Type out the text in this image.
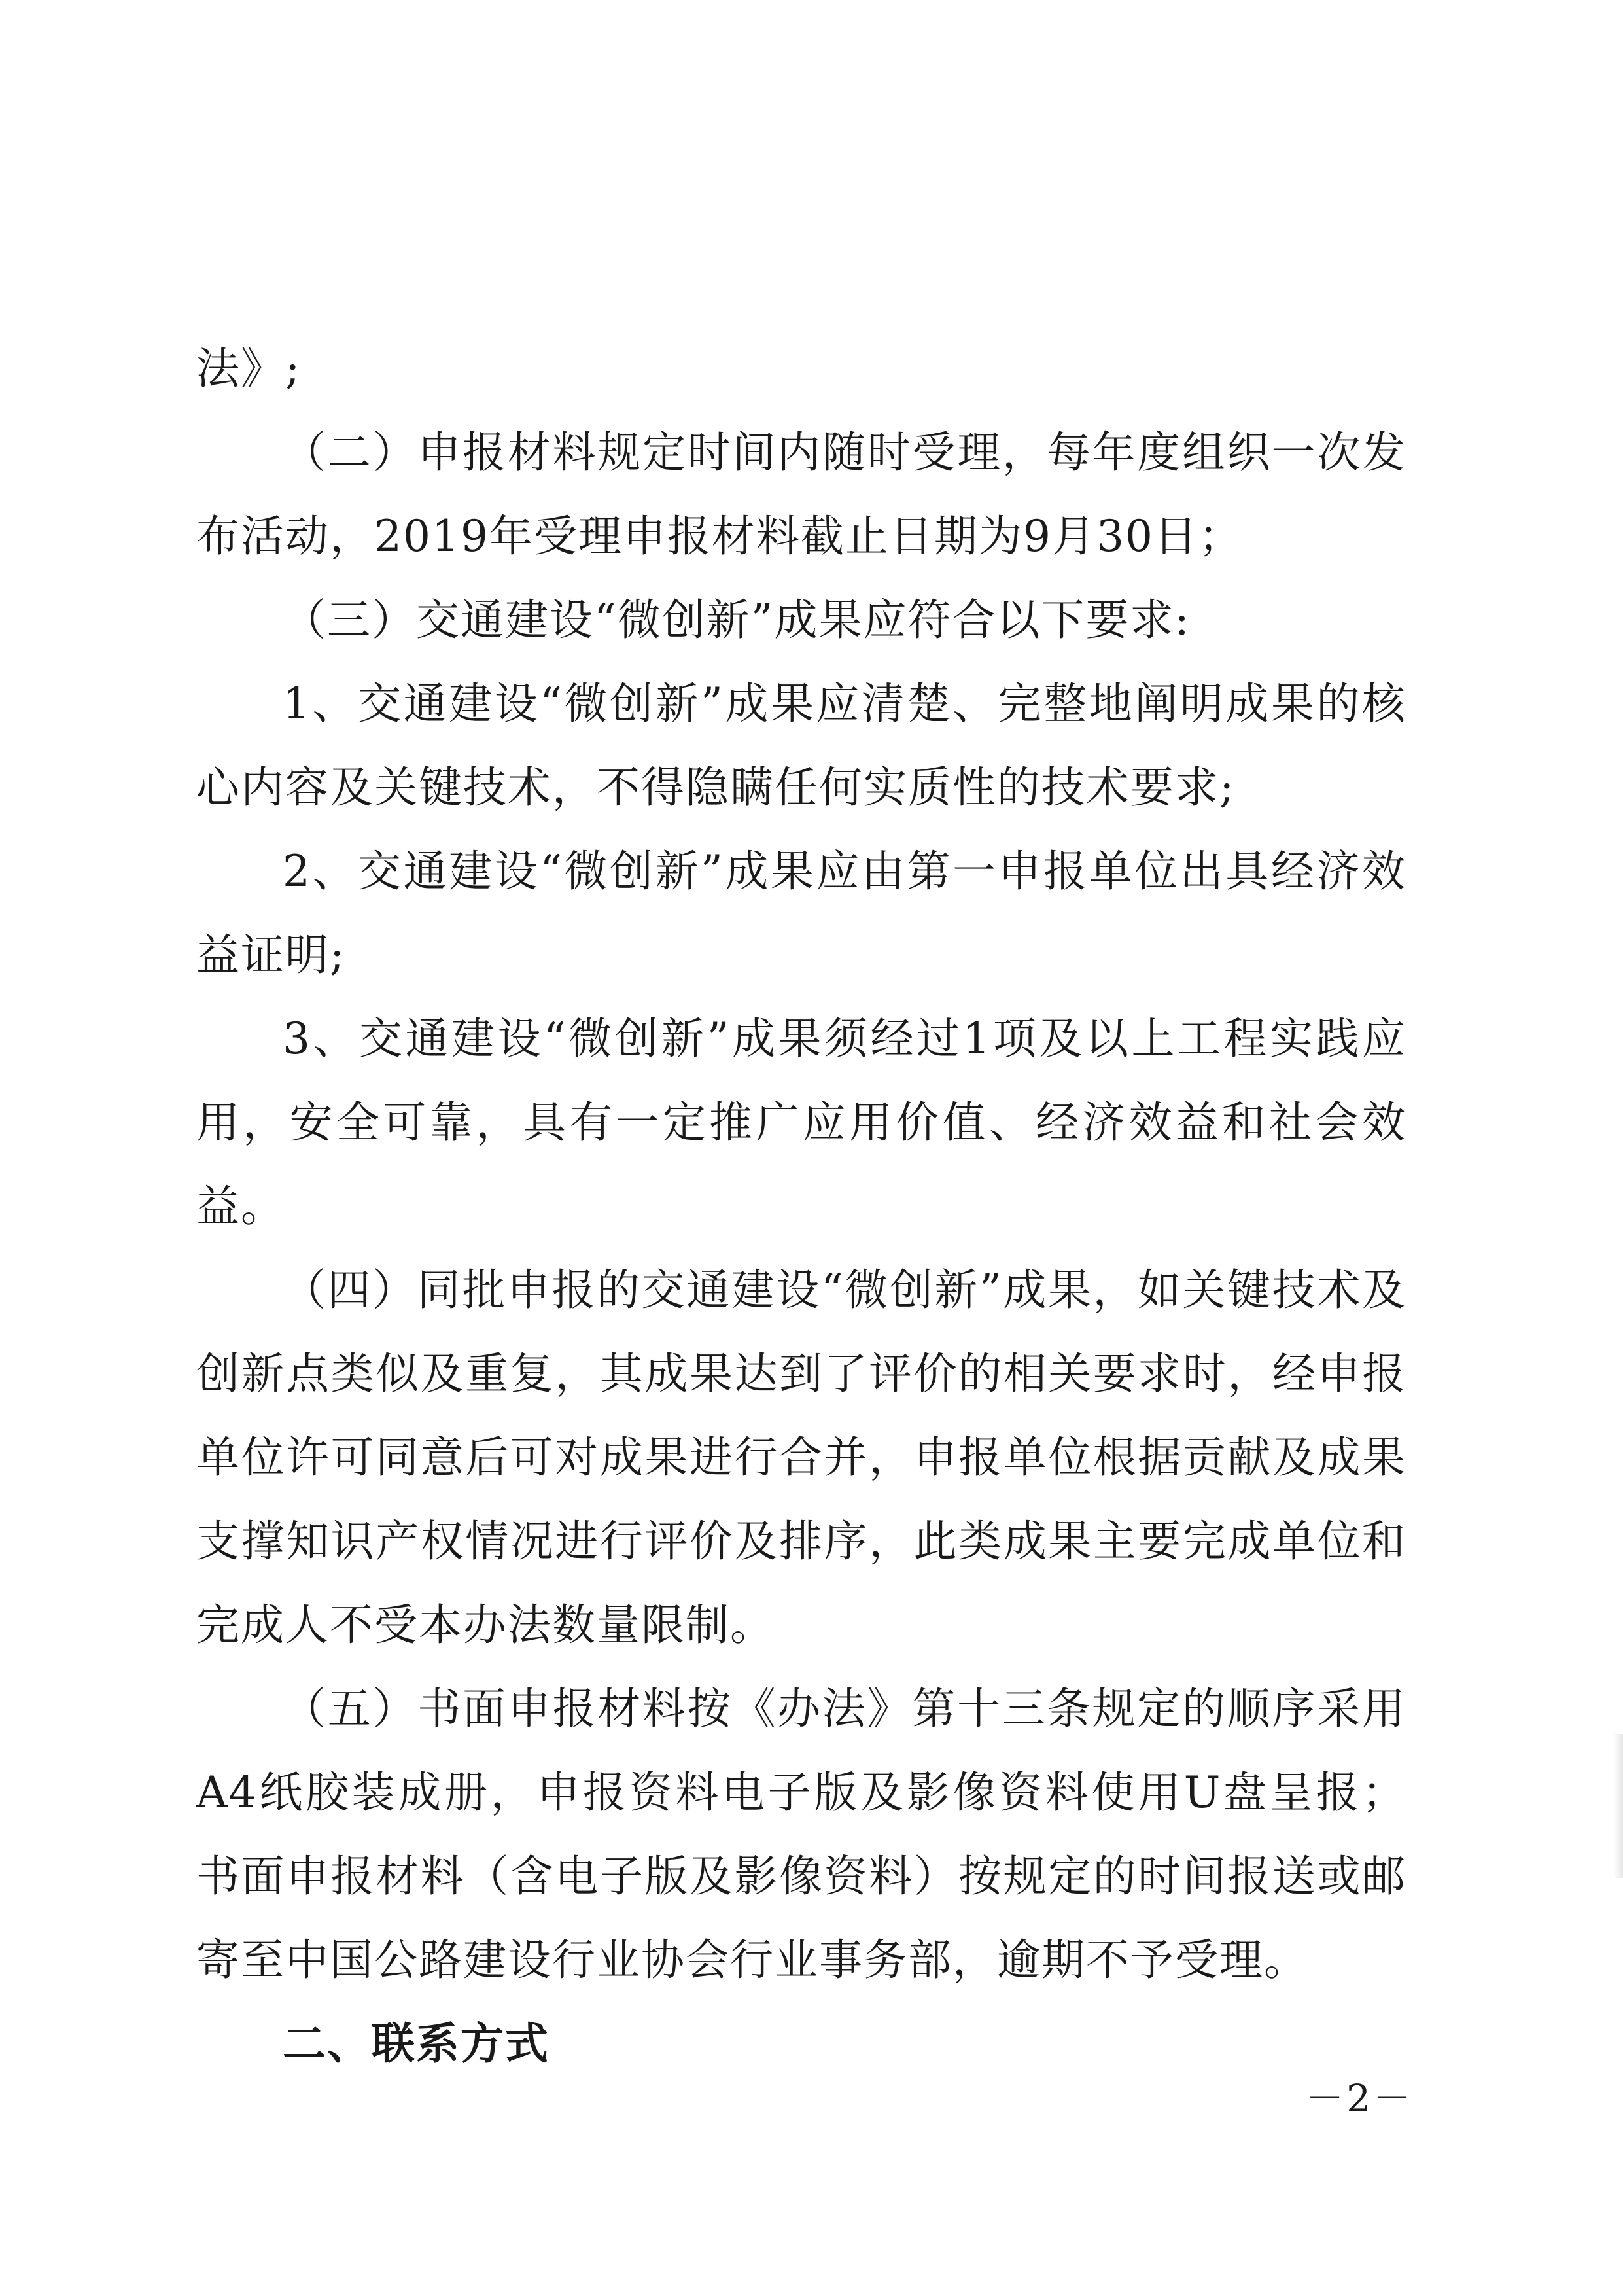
法》;

（二）申报材料规定时间内随时受理，每年度组织一次发布活动，2019年受理申报材料截止日期为9月30日；

（三）交通建设“微创新”成果应符合以下要求:

1、交通建设“微创新”成果应清楚、完整地阐明成果的核心内容及关键技术，不得隐瞒任何实质性的技术要求;

2、交通建设“微创新”成果应由第一申报单位出具经济效益证明;

3、交通建设“微创新”成果须经过1项及以上工程实践应用，安全可靠，具有一定推广应用价值、经济效益和社会效益。

（四）同批申报的交通建设“微创新”成果，如关键技术及创新点类似及重复，其成果达到了评价的相关要求时，经申报单位许可同意后可对成果进行合并，申报单位根据贡献及成果支撑知识产权情况进行评价及排序，此类成果主要完成单位和完成人不受本办法数量限制。

（五）书面申报材料按《办法》第十三条规定的顺序采用A4纸胶装成册，申报资料电子版及影像资料使用U盘呈报；书面申报材料（含电子版及影像资料）按规定的时间报送或邮寄至中国公路建设行业协会行业事务部，逾期不予受理。

二、联系方式

－2－
